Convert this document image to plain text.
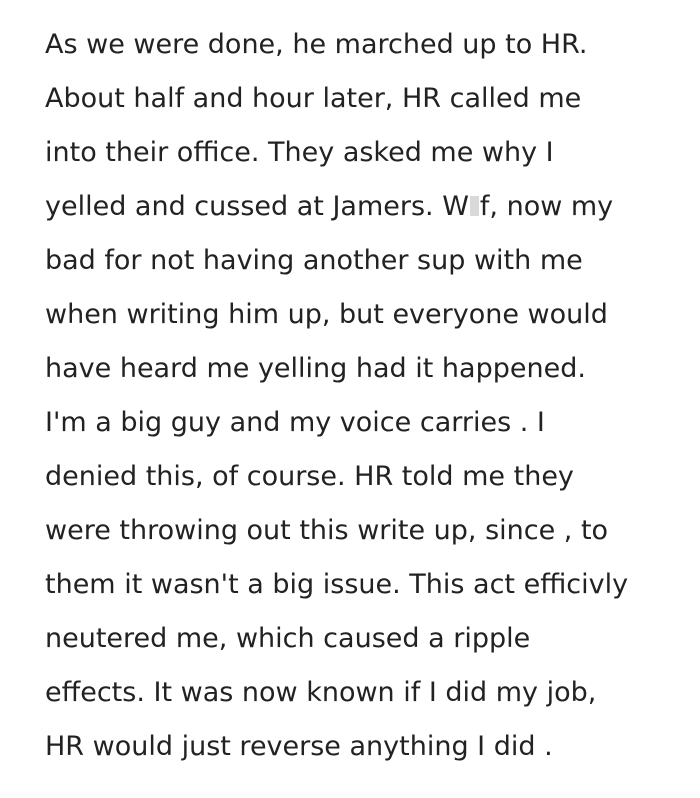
As we were done, he marched up to HR.
About half and hour later, HR called me
into their office. They asked me why I
yelled and cussed at Jamers. W f, now my
bad for not having another sup with me
when writing him up, but everyone would
have heard me yelling had it happened.
I'm a big guy and my voice carries . I
denied this, of course. HR told me they
were throwing out this write up, since , to
them it wasn't a big issue. This act efficivly
neutered me, which caused a ripple
effects. It was now known if I did my job,
HR would just reverse anything I did .
